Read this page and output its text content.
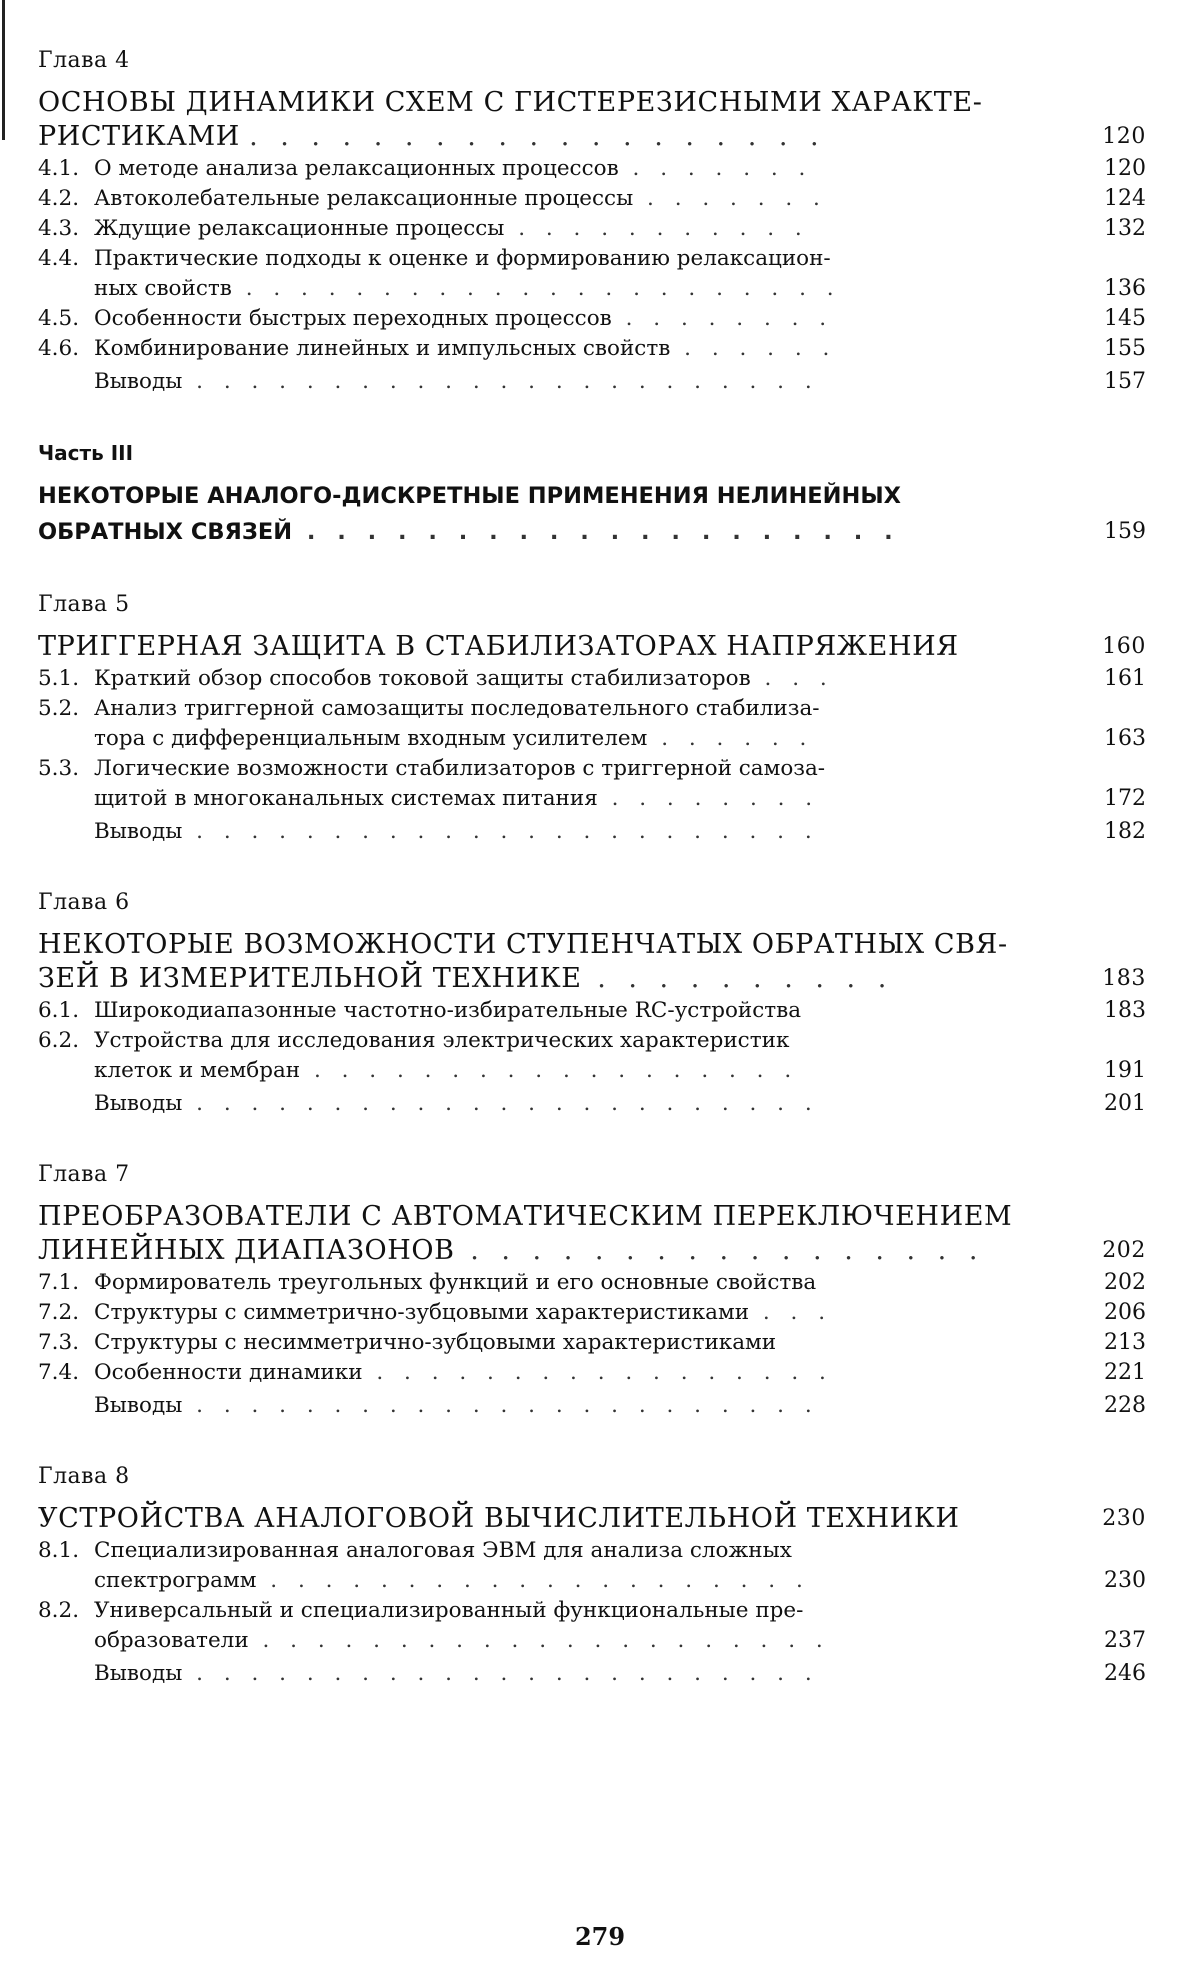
Глава 4
ОСНОВЫ ДИНАМИКИ СХЕМ С ГИСТЕРЕЗИСНЫМИ ХАРАКТЕ-
РИСТИКАМИ . . . . . . . . . . . . . . . . . . .	120
4.1. О методе анализа релаксационных процессов . . . . . . .	120
4.2. Автоколебательные релаксационные процессы . . . . . . .	124
4.3. Ждущие релаксационные процессы . . . . . . . . . . .	132
4.4. Практические подходы к оценке и формированию релаксацион-
ных свойств . . . . . . . . . . . . . . . . . . . . . .	136
4.5. Особенности быстрых переходных процессов . . . . . . . .	145
4.6. Комбинирование линейных и импульсных свойств . . . . . .	155
Выводы . . . . . . . . . . . . . . . . . . . . . . .	157
Часть III
НЕКОТОРЫЕ АНАЛОГО-ДИСКРЕТНЫЕ ПРИМЕНЕНИЯ НЕЛИНЕЙНЫХ
ОБРАТНЫХ СВЯЗЕЙ . . . . . . . . . . . . . . . . . . . .	159
Глава 5
ТРИГГЕРНАЯ ЗАЩИТА В СТАБИЛИЗАТОРАХ НАПРЯЖЕНИЯ	160
5.1. Краткий обзор способов токовой защиты стабилизаторов . . .	161
5.2. Анализ триггерной самозащиты последовательного стабилиза-
тора с дифференциальным входным усилителем . . . . . .	163
5.3. Логические возможности стабилизаторов с триггерной самоза-
щитой в многоканальных системах питания . . . . . . . .	172
Выводы . . . . . . . . . . . . . . . . . . . . . . .	182
Глава 6
НЕКОТОРЫЕ ВОЗМОЖНОСТИ СТУПЕНЧАТЫХ ОБРАТНЫХ СВЯ-
ЗЕЙ В ИЗМЕРИТЕЛЬНОЙ ТЕХНИКЕ . . . . . . . . . .	183
6.1. Широкодиапазонные частотно-избирательные RC-устройства	183
6.2. Устройства для исследования электрических характеристик
клеток и мембран . . . . . . . . . . . . . . . . . .	191
Выводы . . . . . . . . . . . . . . . . . . . . . . .	201
Глава 7
ПРЕОБРАЗОВАТЕЛИ С АВТОМАТИЧЕСКИМ ПЕРЕКЛЮЧЕНИЕМ
ЛИНЕЙНЫХ ДИАПАЗОНОВ . . . . . . . . . . . . . . . . .	202
7.1. Формирователь треугольных функций и его основные свойства	202
7.2. Структуры с симметрично-зубцовыми характеристиками . . .	206
7.3. Структуры с несимметрично-зубцовыми характеристиками	213
7.4. Особенности динамики . . . . . . . . . . . . . . . . .	221
Выводы . . . . . . . . . . . . . . . . . . . . . . .	228
Глава 8
УСТРОЙСТВА АНАЛОГОВОЙ ВЫЧИСЛИТЕЛЬНОЙ ТЕХНИКИ	230
8.1. Специализированная аналоговая ЭВМ для анализа сложных
спектрограмм . . . . . . . . . . . . . . . . . . . .	230
8.2. Универсальный и специализированный функциональные пре-
образователи . . . . . . . . . . . . . . . . . . . . .	237
Выводы . . . . . . . . . . . . . . . . . . . . . . .	246
279
